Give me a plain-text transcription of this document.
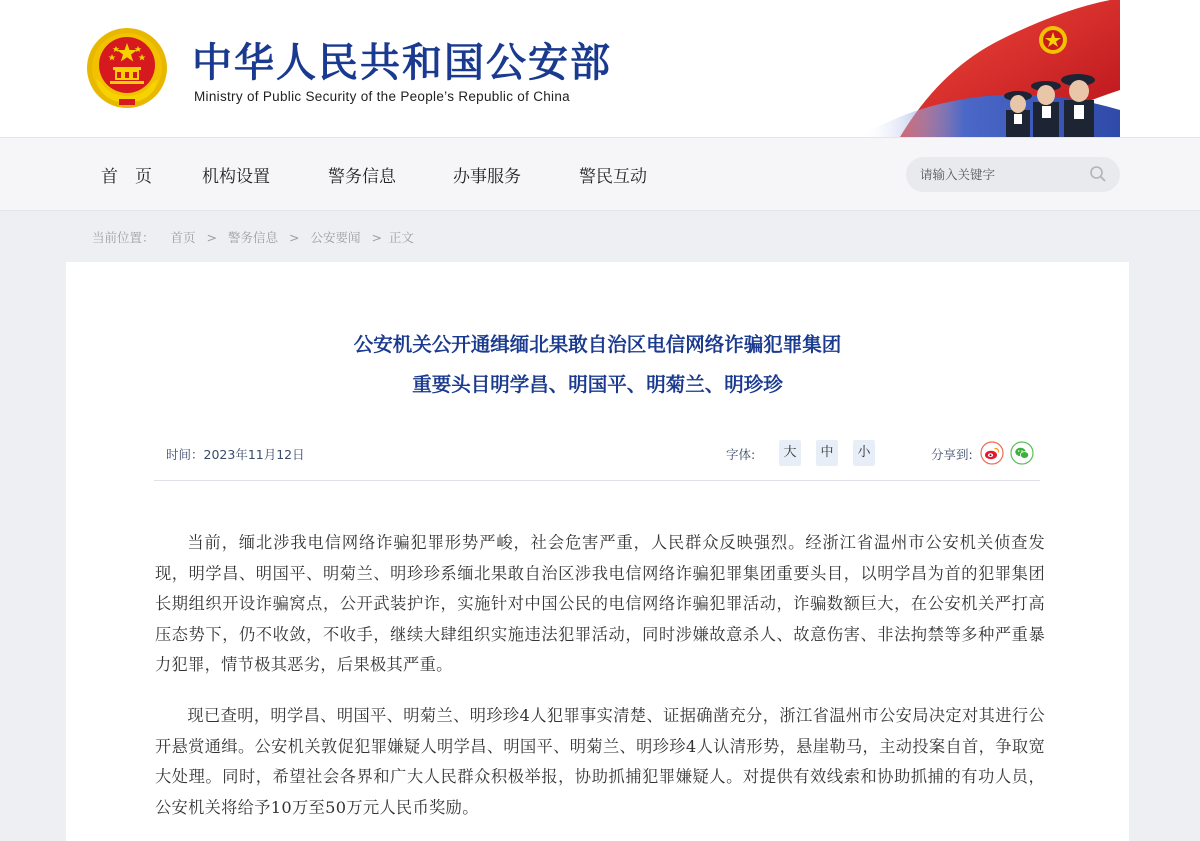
中华人民共和国公安部
Ministry of Public Security of the People’s Republic of China
首　页	机构设置	警务信息	办事服务	警民互动
请输入关键字
当前位置： 首页 > 警务信息 > 公安要闻 > 正文
公安机关公开通缉缅北果敢自治区电信网络诈骗犯罪集团
重要头目明学昌、明国平、明菊兰、明珍珍
时间：2023年11月12日	字体:	大	中	小	分享到:

当前，缅北涉我电信网络诈骗犯罪形势严峻，社会危害严重，人民群众反映强烈。经浙江省温州市公安机关侦查发现，明学昌、明国平、明菊兰、明珍珍系缅北果敢自治区涉我电信网络诈骗犯罪集团重要头目，以明学昌为首的犯罪集团长期组织开设诈骗窝点，公开武装护诈，实施针对中国公民的电信网络诈骗犯罪活动，诈骗数额巨大，在公安机关严打高压态势下，仍不收敛，不收手，继续大肆组织实施违法犯罪活动，同时涉嫌故意杀人、故意伤害、非法拘禁等多种严重暴力犯罪，情节极其恶劣，后果极其严重。

现已查明，明学昌、明国平、明菊兰、明珍珍4人犯罪事实清楚、证据确凿充分，浙江省温州市公安局决定对其进行公开悬赏通缉。公安机关敦促犯罪嫌疑人明学昌、明国平、明菊兰、明珍珍4人认清形势，悬崖勒马，主动投案自首，争取宽大处理。同时，希望社会各界和广大人民群众积极举报，协助抓捕犯罪嫌疑人。对提供有效线索和协助抓捕的有功人员，公安机关将给予10万至50万元人民币奖励。
